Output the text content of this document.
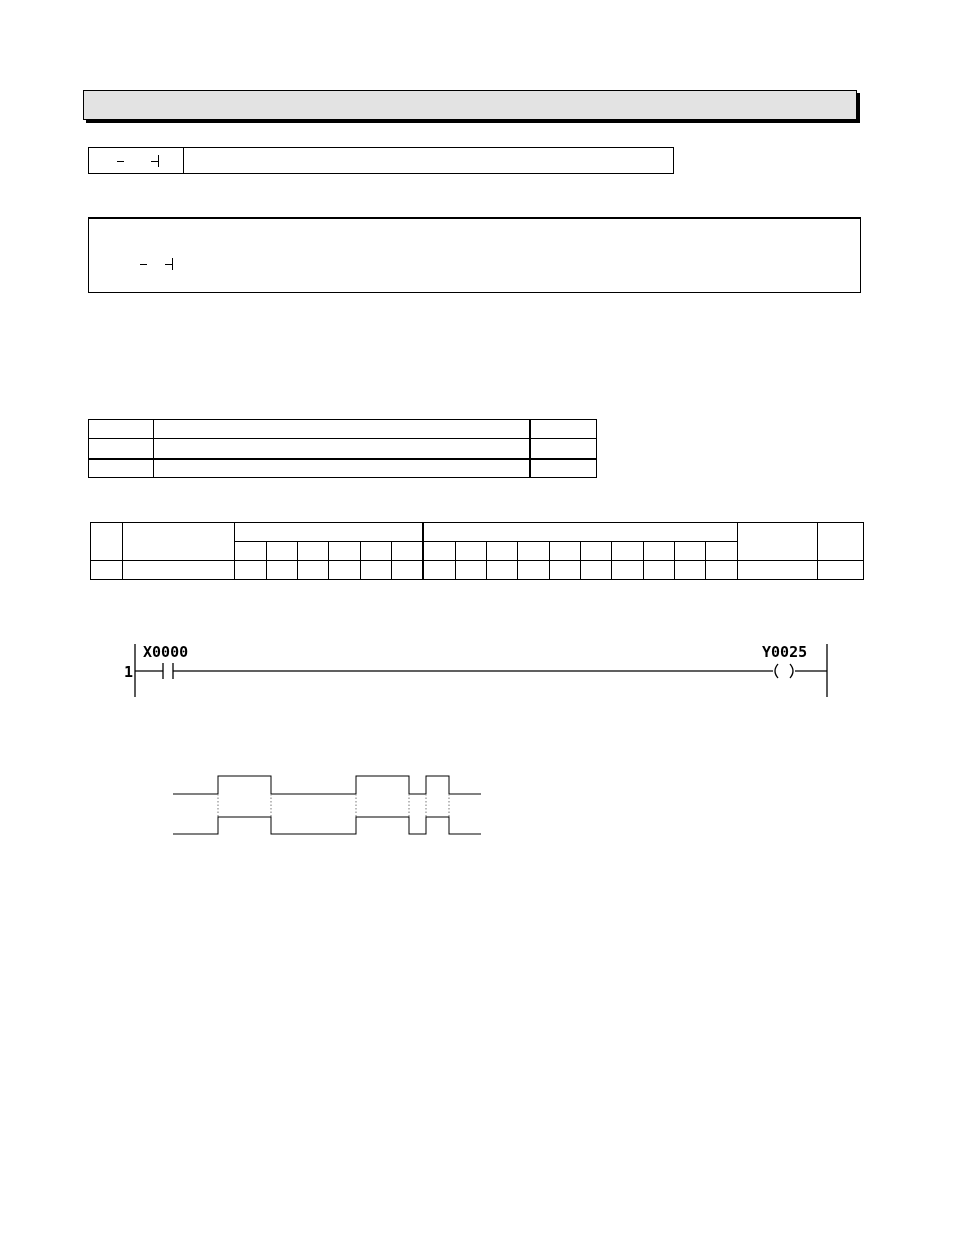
1
X0000	Y0025
